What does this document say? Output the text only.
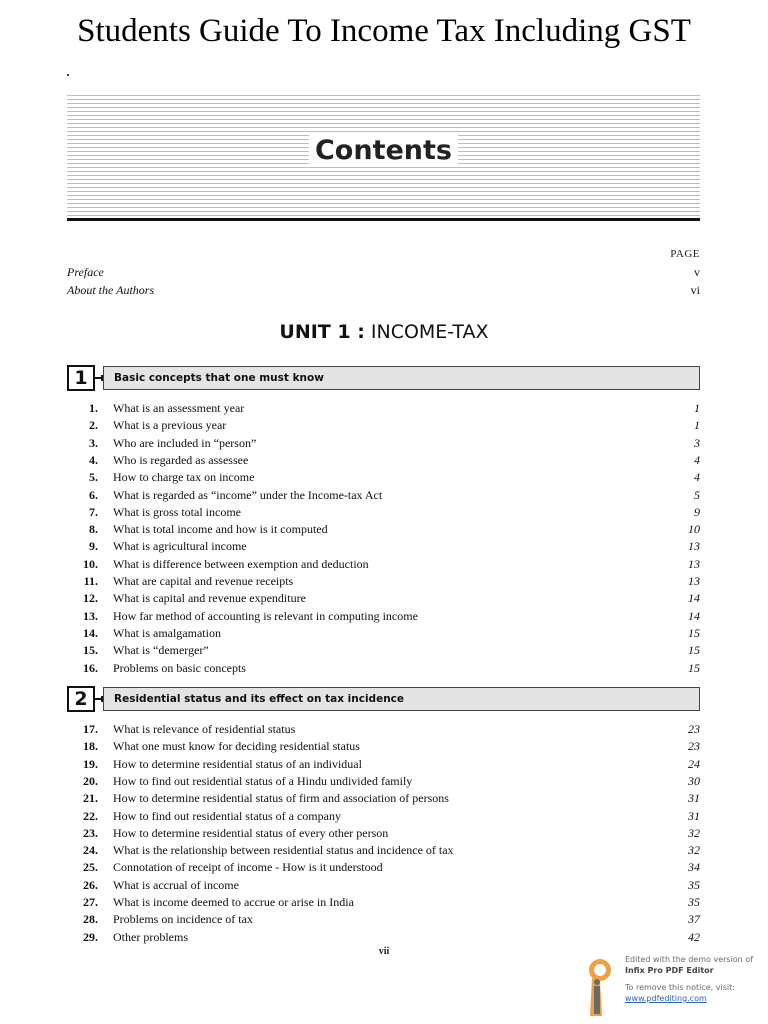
Students Guide To Income Tax Including GST
Contents
PAGE
Preface	v
About the Authors	vi
UNIT 1 : INCOME-TAX
1	Basic concepts that one must know
1. What is an assessment year	1
2. What is a previous year	1
3. Who are included in “person”	3
4. Who is regarded as assessee	4
5. How to charge tax on income	4
6. What is regarded as “income” under the Income-tax Act	5
7. What is gross total income	9
8. What is total income and how is it computed	10
9. What is agricultural income	13
10. What is difference between exemption and deduction	13
11. What are capital and revenue receipts	13
12. What is capital and revenue expenditure	14
13. How far method of accounting is relevant in computing income	14
14. What is amalgamation	15
15. What is “demerger”	15
16. Problems on basic concepts	15
2	Residential status and its effect on tax incidence
17. What is relevance of residential status	23
18. What one must know for deciding residential status	23
19. How to determine residential status of an individual	24
20. How to find out residential status of a Hindu undivided family	30
21. How to determine residential status of firm and association of persons	31
22. How to find out residential status of a company	31
23. How to determine residential status of every other person	32
24. What is the relationship between residential status and incidence of tax	32
25. Connotation of receipt of income - How is it understood	34
26. What is accrual of income	35
27. What is income deemed to accrue or arise in India	35
28. Problems on incidence of tax	37
29. Other problems	42
vii
Edited with the demo version of
Infix Pro PDF Editor
To remove this notice, visit:
www.pdfediting.com
